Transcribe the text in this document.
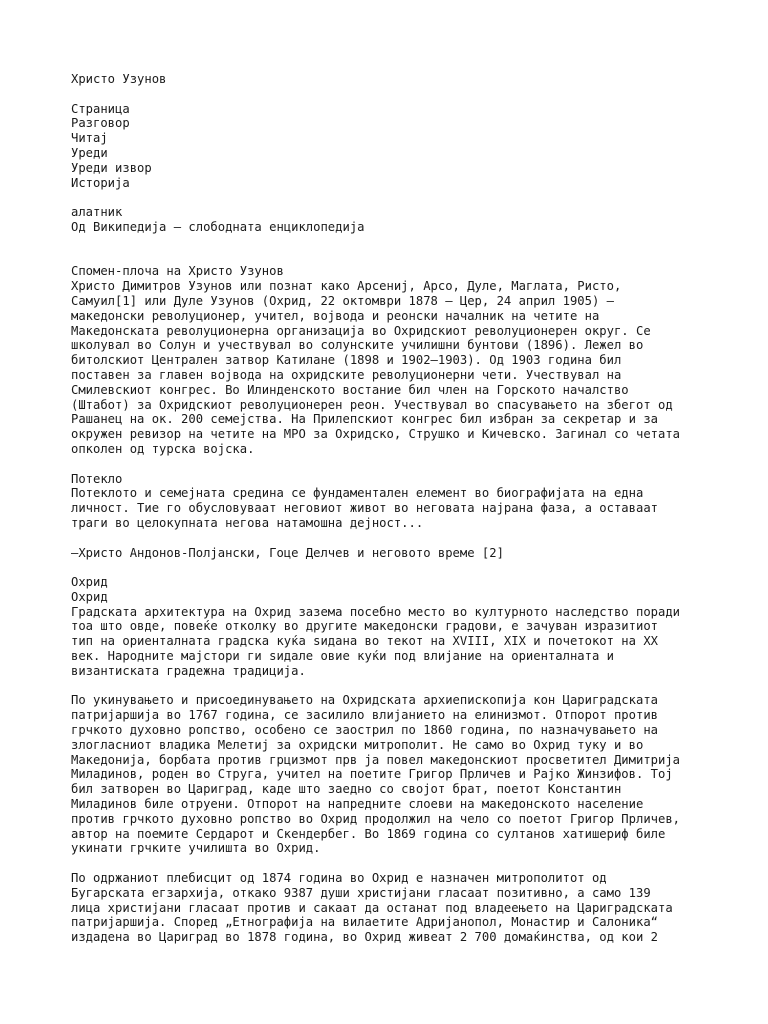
Христо Узунов
Страница
Разговор
Читај
Уреди
Уреди извор
Историја
алатник
Од Википедија — слободната енциклопедија
Спомен-плоча на Христо Узунов
Христо Димитров Узунов или познат како Арсениј, Арсо, Дуле, Маглата, Ристо,
Самуил[1] или Дуле Узунов (Охрид, 22 октомври 1878 – Цер, 24 април 1905) —
македонски револуционер, учител, војвода и реонски началник на четите на
Македонската револуционерна организација во Охридскиот револуционерен округ. Се
школувал во Солун и учествувал во солунските училишни бунтови (1896). Лежел во
битолскиот Централен затвор Катилане (1898 и 1902–1903). Од 1903 година бил
поставен за главен војвода на охридските револуционерни чети. Учествувал на
Смилевскиот конгрес. Во Илинденското востание бил член на Горското началство
(Штабот) за Охридскиот револуционерен реон. Учествувал во спасувањето на збегот од
Рашанец на ок. 200 семејства. На Прилепскиот конгрес бил избран за секретар и за
окружен ревизор на четите на МРО за Охридско, Струшко и Кичевско. Загинал со четата
опколен од турска војска.
Потекло
Потеклото и семејната средина се фундаментален елемент во биографијата на една
личност. Тие го обусловуваат неговиот живот во неговата најрана фаза, а оставаат
траги во целокупната негова натамошна дејност...
—Христо Андонов-Полјански, Гоце Делчев и неговото време [2]
Охрид
Охрид
Градската архитектура на Охрид зазема посебно место во културното наследство поради
тоа што овде, повеќе отколку во другите македонски градови, е зачуван изразитиот
тип на ориенталната градска куќа sидана во текот на XVIII, XIX и почетокот на XX
век. Народните мајстори ги sидале овие куќи под влијание на ориенталната и
византиската градежна традиција.
По укинувањето и присоединувањето на Охридската архиепископија кон Цариградската
патријаршија во 1767 година, се засилило влијанието на елинизмот. Отпорот против
грчкото духовно ропство, особено се заострил по 1860 година, по назначувањето на
злогласниот владика Мелетиј за охридски митрополит. Не само во Охрид туку и во
Македонија, борбата против грцизмот прв ја повел македонскиот просветител Димитрија
Миладинов, роден во Струга, учител на поетите Григор Прличев и Рајко Жинзифов. Тој
бил затворен во Цариград, каде што заедно со својот брат, поетот Константин
Миладинов биле отруени. Отпорот на напредните слоеви на македонското население
против грчкото духовно ропство во Охрид продолжил на чело со поетот Григор Прличев,
автор на поемите Сердарот и Скендербег. Во 1869 година со султанов хатишериф биле
укинати грчките училишта во Охрид.
По одржаниот плебисцит од 1874 година во Охрид е назначен митрополитот од
Бугарската егзархија, откако 9387 души христијани гласаат позитивно, а само 139
лица христијани гласаат против и сакаат да останат под владеењето на Цариградската
патријаршија. Според „Етнографија на вилаетите Адријанопол, Монастир и Салоника“
издадена во Цариград во 1878 година, во Охрид живеат 2 700 домаќинства, од кои 2
